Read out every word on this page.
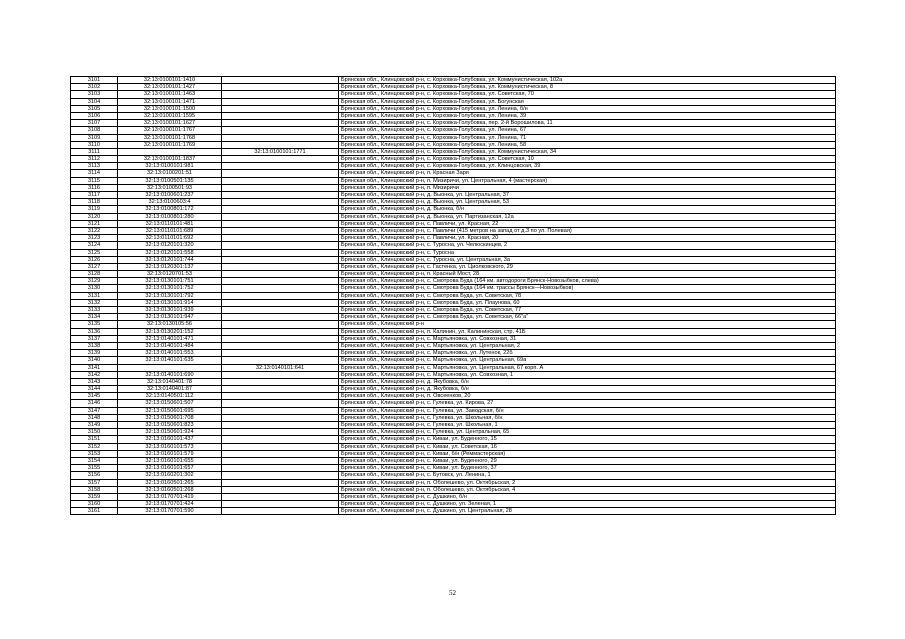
3101	32:13:0100101:1410		Брянская обл., Клинцовский р-н, с. Корховка-Голубовка, ул. Коммунистическая, 102а
3102	32:13:0100101:1427		Брянская обл., Клинцовский р-н, с. Корховка-Голубовка, ул. Коммунистическая, 8
3103	32:13:0100101:1463		Брянская обл., Клинцовский р-н, с. Корховка-Голубовка, ул. Советская, 70
3104	32:13:0100101:1471		Брянская обл., Клинцовский р-н, с. Корховка-Голубовка, ул. Богунская
3105	32:13:0100101:1500		Брянская обл., Клинцовский р-н, с. Корховка-Голубовка, ул. Ленина, б/н
3106	32:13:0100101:1595		Брянская обл., Клинцовский р-н, с. Корховка-Голубовка, ул. Ленина, 39
3107	32:13:0100101:1627		Брянская обл., Клинцовский р-н, с. Корховка-Голубовка, пер. 2-й Ворошилова, 11
3108	32:13:0100101:1767		Брянская обл., Клинцовский р-н, с. Корховка-Голубовка, ул. Ленина, 67
3109	32:13:0100101:1768		Брянская обл., Клинцовский р-н, с. Корховка-Голубовка, ул. Ленина, 71
3110	32:13:0100101:1769		Брянская обл., Клинцовский р-н, с. Корховка-Голубовка, ул. Ленина, 58
3111		32:13:0100101:1771	Брянская обл., Клинцовский р-н, с. Корховка-Голубовка, ул. Коммунистическая, 34
3112	32:13:0100101:1837		Брянская обл., Клинцовский р-н, с. Корховка-Голубовка, ул. Советская, 10
3113	32:13:0100101:981		Брянская обл., Клинцовский р-н, с. Корховка-Голубовка, ул. Клинцовская, 39
3114	32:13:0100201:51		Брянская обл., Клинцовский р-н, п. Красная Заря
3115	32:13:0100501:135		Брянская обл., Клинцовский р-н, п. Мизиричи, ул. Центральная, 4 (мастерская)
3116	32:13:0100501:93		Брянская обл., Клинцовский р-н, п. Мизиричи
3117	32:13:0100601:237		Брянская обл., Клинцовский р-н, д. Выонка, ул. Центральная, 37
3118	32:13:0100603:4		Брянская обл., Клинцовский р-н, д. Выонка, ул. Центральная, 53
3119	32:13:0100801:172		Брянская обл., Клинцовский р-н, д. Выонка, б/н
3120	32:13:0100801:280		Брянская обл., Клинцовский р-н, д. Выонка, ул. Партизанская, 12а
3121	32:13:0110101:481		Брянская обл., Клинцовский р-н, с. Павличи, ул. Красная, 22
3122	32:13:0110101:689		Брянская обл., Клинцовский р-н, с. Павличи (415 метров на запад от д.3 по ул. Полевая)
3123	32:13:0110101:692		Брянская обл., Клинцовский р-н, с. Павличи, ул. Красная, 20
3124	32:13:0120101:320		Брянская обл., Клинцовский р-н, с. Туросна, ул. Челюскинцев, 2
3125	32:13:0120101:558		Брянская обл., Клинцовский р-н, с. Туросна
3126	32:13:0120101:744		Брянская обл., Клинцовский р-н, с. Туросна, ул. Центральная, 3а
3127	32:13:0120301:137		Брянская обл., Клинцовский р-н, с. Гастенка, ул. Циолковского, 29
3128	32:13:0120701:53		Брянская обл., Клинцовский р-н, п. Красный Мост, 28
3129	32:13:0130101:751		Брянская обл., Клинцовский р-н, с. Смотрова Буда (164 км. автодороги Брянск-Новозыбков, слева)
3130	32:13:0130101:752		Брянская обл., Клинцовский р-н, с. Смотрова Буда (164 км. трассы Брянск—Новозыбков)
3131	32:13:0130101:792		Брянская обл., Клинцовский р-н, с. Смотрова Буда, ул. Советская, 78
3132	32:13:0130101:914		Брянская обл., Клинцовский р-н, с. Смотрова Буда, ул. Плаунова, 60
3133	32:13:0130101:939		Брянская обл., Клинцовский р-н, с. Смотрова Буда, ул. Советская, 77
3134	32:13:0130101:947		Брянская обл., Клинцовский р-н, с. Смотрова Буда, ул. Советская, 66"а"
3135	32:13:0130105:56		Брянская обл., Клинцовский р-н
3136	32:13:0130201:152		Брянская обл., Клинцовский р-н, п. Калинин, ул. Калининская, стр. 41Б
3137	32:13:0140101:471		Брянская обл., Клинцовский р-н, с. Мартьяновка, ул. Совхозная, 31
3138	32:13:0140101:484		Брянская обл., Клинцовский р-н, с. Мартьяновка, ул. Центральная, 2
3139	32:13:0140101:553		Брянская обл., Клинцовский р-н, с. Мартьяновка, ул. Лутенок, 22б
3140	32:13:0140101:635		Брянская обл., Клинцовский р-н, с. Мартьяновка, ул. Центральная, 69а
3141		32:13:0140101:641	Брянская обл., Клинцовский р-н, с. Мартьяновка, ул. Центральная, 67 корп. А
3142	32:13:0140101:690		Брянская обл., Клинцовский р-н, с. Мартьяновка, ул. Совхозная, 1
3143	32:13:0140401:78		Брянская обл., Клинцовский р-н, д. Якубовка, б/н
3144	32:13:0140401:87		Брянская обл., Клинцовский р-н, д. Якубовка, б/н
3145	32:13:0140501:112		Брянская обл., Клинцовский р-н, п. Овсеенков, 20
3146	32:13:0150601:507		Брянская обл., Клинцовский р-н, с. Гулевка, ул. Кирова, 27
3147	32:13:0150601:695		Брянская обл., Клинцовский р-н, с. Гулевка, ул. Заводская, б/н
3148	32:13:0150601:708		Брянская обл., Клинцовский р-н, с. Гулевка, ул. Школьная, б/н
3149	32:13:0150601:823		Брянская обл., Клинцовский р-н, с. Гулевка, ул. Школьная, 1
3150	32:13:0150601:924		Брянская обл., Клинцовский р-н, с. Гулевка, ул. Центральная, 65
3151	32:13:0160101:437		Брянская обл., Клинцовский р-н, с. Киваи, ул. Буденного, 15
3152	32:13:0160101:573		Брянская обл., Клинцовский р-н, с. Киваи, ул. Советская, 16
3153	32:13:0160101:579		Брянская обл., Клинцовский р-н, с. Киваи, б/н (Реммастерская)
3154	32:13:0160101:655		Брянская обл., Клинцовский р-н, с. Киваи, ул. Буденного, 29
3155	32:13:0160101:657		Брянская обл., Клинцовский р-н, с. Киваи, ул. Буденного, 37
3156	32:13:0160201:302		Брянская обл., Клинцовский р-н, с. Бутовск, ул. Ленина, 1
3157	32:13:0160501:265		Брянская обл., Клинцовский р-н, п. Оболешево, ул. Октябрьская, 2
3158	32:13:0160501:268		Брянская обл., Клинцовский р-н, п. Оболешево, ул. Октябрьская, 4
3159	32:13:0170701:419		Брянская обл., Клинцовский р-н, с. Душкино, б/н
3160	32:13:0170701:424		Брянская обл., Клинцовский р-н, с. Душкино, ул. Зеленая, 1
3161	32:13:0170701:590		Брянская обл., Клинцовский р-н, с. Душкино, ул. Центральная, 28
52
